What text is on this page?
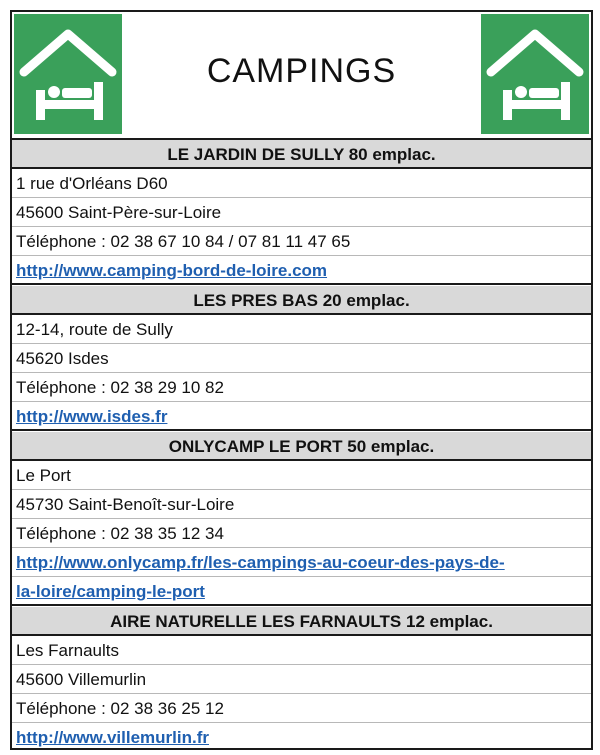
CAMPINGS
LE JARDIN DE SULLY 80 emplac.
1 rue d'Orléans D60
45600 Saint-Père-sur-Loire
Téléphone : 02 38 67 10 84 / 07 81 11 47 65
http://www.camping-bord-de-loire.com
LES PRES BAS 20 emplac.
12-14, route de Sully
45620 Isdes
Téléphone : 02 38 29 10 82
http://www.isdes.fr
ONLYCAMP LE PORT 50 emplac.
Le Port
45730 Saint-Benoît-sur-Loire
Téléphone : 02 38 35 12 34
http://www.onlycamp.fr/les-campings-au-coeur-des-pays-de-
la-loire/camping-le-port
AIRE NATURELLE LES FARNAULTS 12 emplac.
Les Farnaults
45600 Villemurlin
Téléphone : 02 38 36 25 12
http://www.villemurlin.fr
